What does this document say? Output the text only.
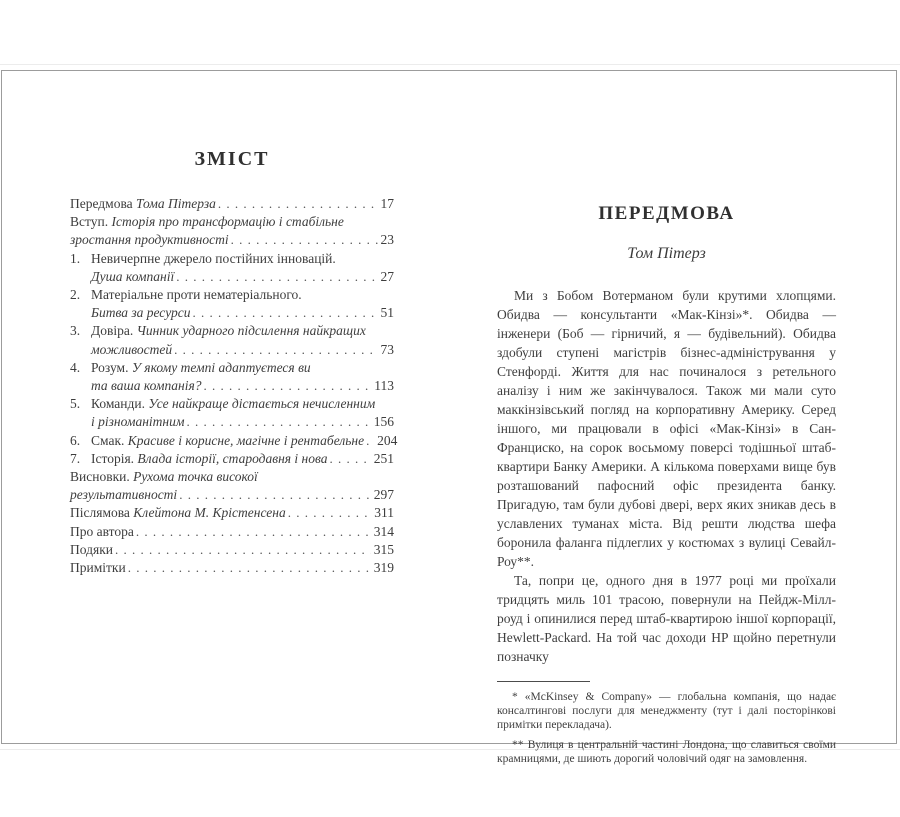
ЗМІСТ
Передмова Тома Пітерза . . .	17
Вступ. Історія про трансформацію і стабільне
зростання продуктивності . . .	23
1. Невичерпне джерело постійних інновацій.
Душа компанії . . .	27
2. Матеріальне проти нематеріального.
Битва за ресурси . . .	51
3. Довіра. Чинник ударного підсилення найкращих
можливостей . . .	73
4. Розум. У якому темпі адаптуєтеся ви
та ваша компанія? . . .	113
5. Команди. Усе найкраще дістається нечисленним
і різноманітним . . .	156
6. Смак. Красиве і корисне, магічне і рентабельне . . . 204
7. Історія. Влада історії, стародавня і нова . . .	251
Висновки. Рухома точка високої
результативності . . .	297
Післямова Клейтона М. Крістенсена . . .	311
Про автора . . .	314
Подяки . . .	315
Примітки . . .	319
ПЕРЕДМОВА
Том Пітерз

Ми з Бобом Вотерманом були крутими хлопцями. Обидва — консультанти «Мак-Кінзі»*. Обидва — інженери (Боб — гірничий, я — будівельний). Обидва здобули ступені магістрів бізнес-адміністрування у Стенфорді. Життя для нас починалося з ретельного аналізу і ним же закінчувалося. Також ми мали суто маккінзівський погляд на корпоративну Америку. Серед іншого, ми працювали в офісі «Мак-Кінзі» в Сан-Франциско, на сорок восьмому поверсі тодішньої штаб-квартири Банку Америки. А кількома поверхами вище був розташований пафосний офіс президента банку. Пригадую, там були дубові двері, верх яких зникав десь в уславлених туманах міста. Від решти людства шефа боронила фаланга підлеглих у костюмах з вулиці Севайл-Роу**.

Та, попри це, одного дня в 1977 році ми проїхали тридцять миль 101 трасою, повернули на Пейдж-Мілл-роуд і опинилися перед штаб-квартирою іншої корпорації, Hewlett-Packard. На той час доходи HP щойно перетнули позначку

* «McKinsey & Company» — глобальна компанія, що надає консалтингові послуги для менеджменту (тут і далі посторінкові примітки перекладача).

** Вулиця в центральній частині Лондона, що славиться своїми крамницями, де шиють дорогий чоловічий одяг на замовлення.
